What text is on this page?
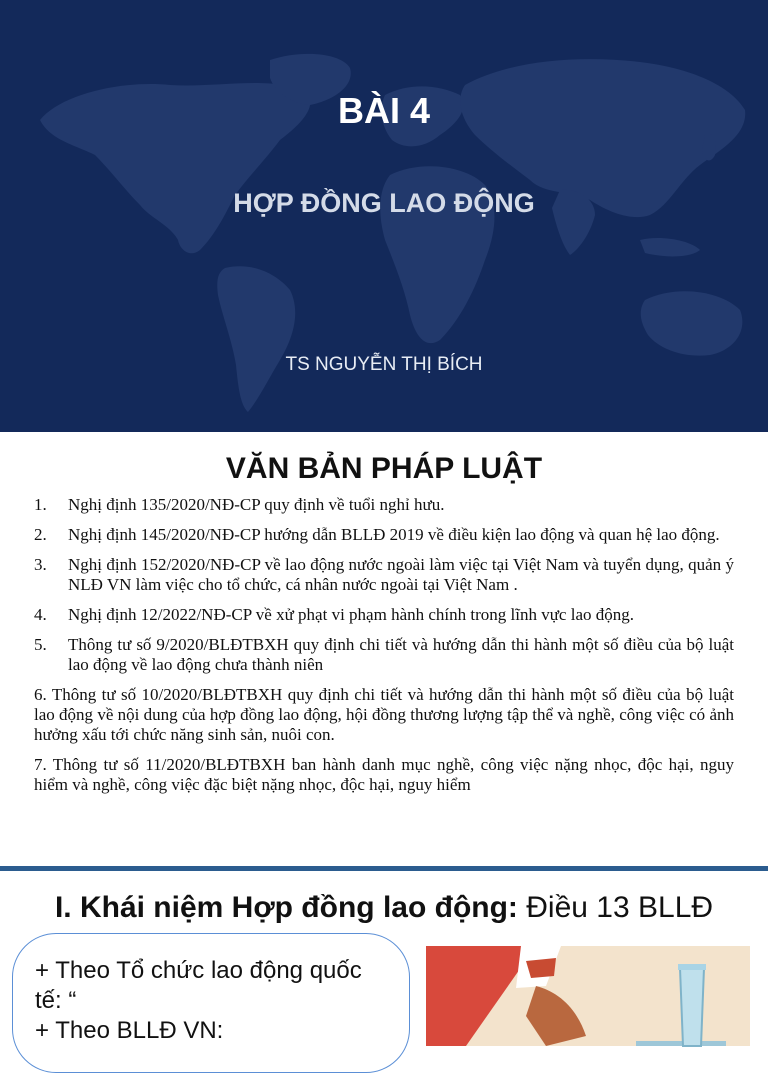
BÀI 4
HỢP ĐỒNG LAO ĐỘNG
TS NGUYỄN THỊ BÍCH
VĂN BẢN PHÁP LUẬT
1.	Nghị định 135/2020/NĐ-CP quy định về tuổi nghỉ hưu.
2.	Nghị định 145/2020/NĐ-CP hướng dẫn BLLĐ 2019 về điều kiện lao động và quan hệ lao động.
3.	Nghị định 152/2020/NĐ-CP về lao động nước ngoài làm việc tại Việt Nam và tuyển dụng, quản ý NLĐ VN làm việc cho tổ chức, cá nhân nước ngoài tại Việt Nam .
4.	Nghị định 12/2022/NĐ-CP về xử phạt vi phạm hành chính trong lĩnh vực lao động.
5.	Thông tư số 9/2020/BLĐTBXH quy định chi tiết và hướng dẫn thi hành một số điều của bộ luật lao động về lao động chưa thành niên
6. Thông tư số 10/2020/BLĐTBXH quy định chi tiết và hướng dẫn thi hành một số điều của bộ luật lao động về nội dung của hợp đồng lao động, hội đồng thương lượng tập thể và nghề, công việc có ảnh hưởng xấu tới chức năng sinh sản, nuôi con.
7. Thông tư số 11/2020/BLĐTBXH ban hành danh mục nghề, công việc nặng nhọc, độc hại, nguy hiểm và nghề, công việc đặc biệt nặng nhọc, độc hại, nguy hiểm
I. Khái niệm Hợp đồng lao động: Điều 13 BLLĐ
+ Theo Tổ chức lao động quốc tế: “
+ Theo BLLĐ VN:
